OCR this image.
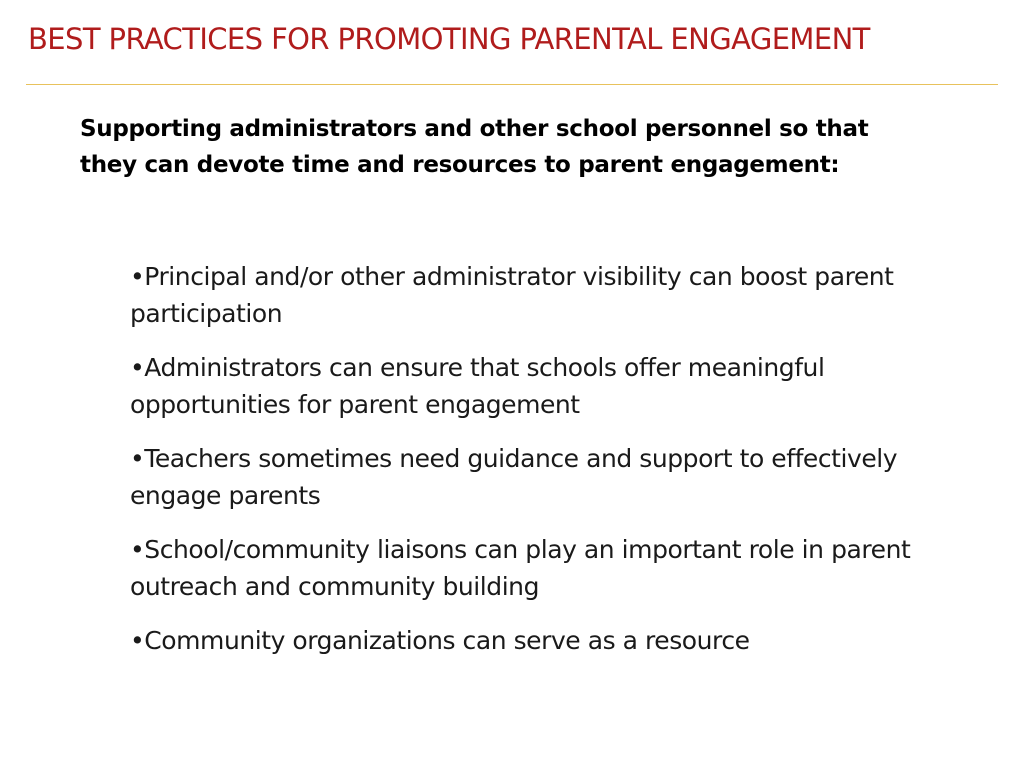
BEST PRACTICES FOR PROMOTING PARENTAL ENGAGEMENT

Supporting administrators and other school personnel so that they can devote time and resources to parent engagement:

•Principal and/or other administrator visibility can boost parent participation
•Administrators can ensure that schools offer meaningful opportunities for parent engagement
•Teachers sometimes need guidance and support to effectively engage parents
•School/community liaisons can play an important role in parent outreach and community building
•Community organizations can serve as a resource
